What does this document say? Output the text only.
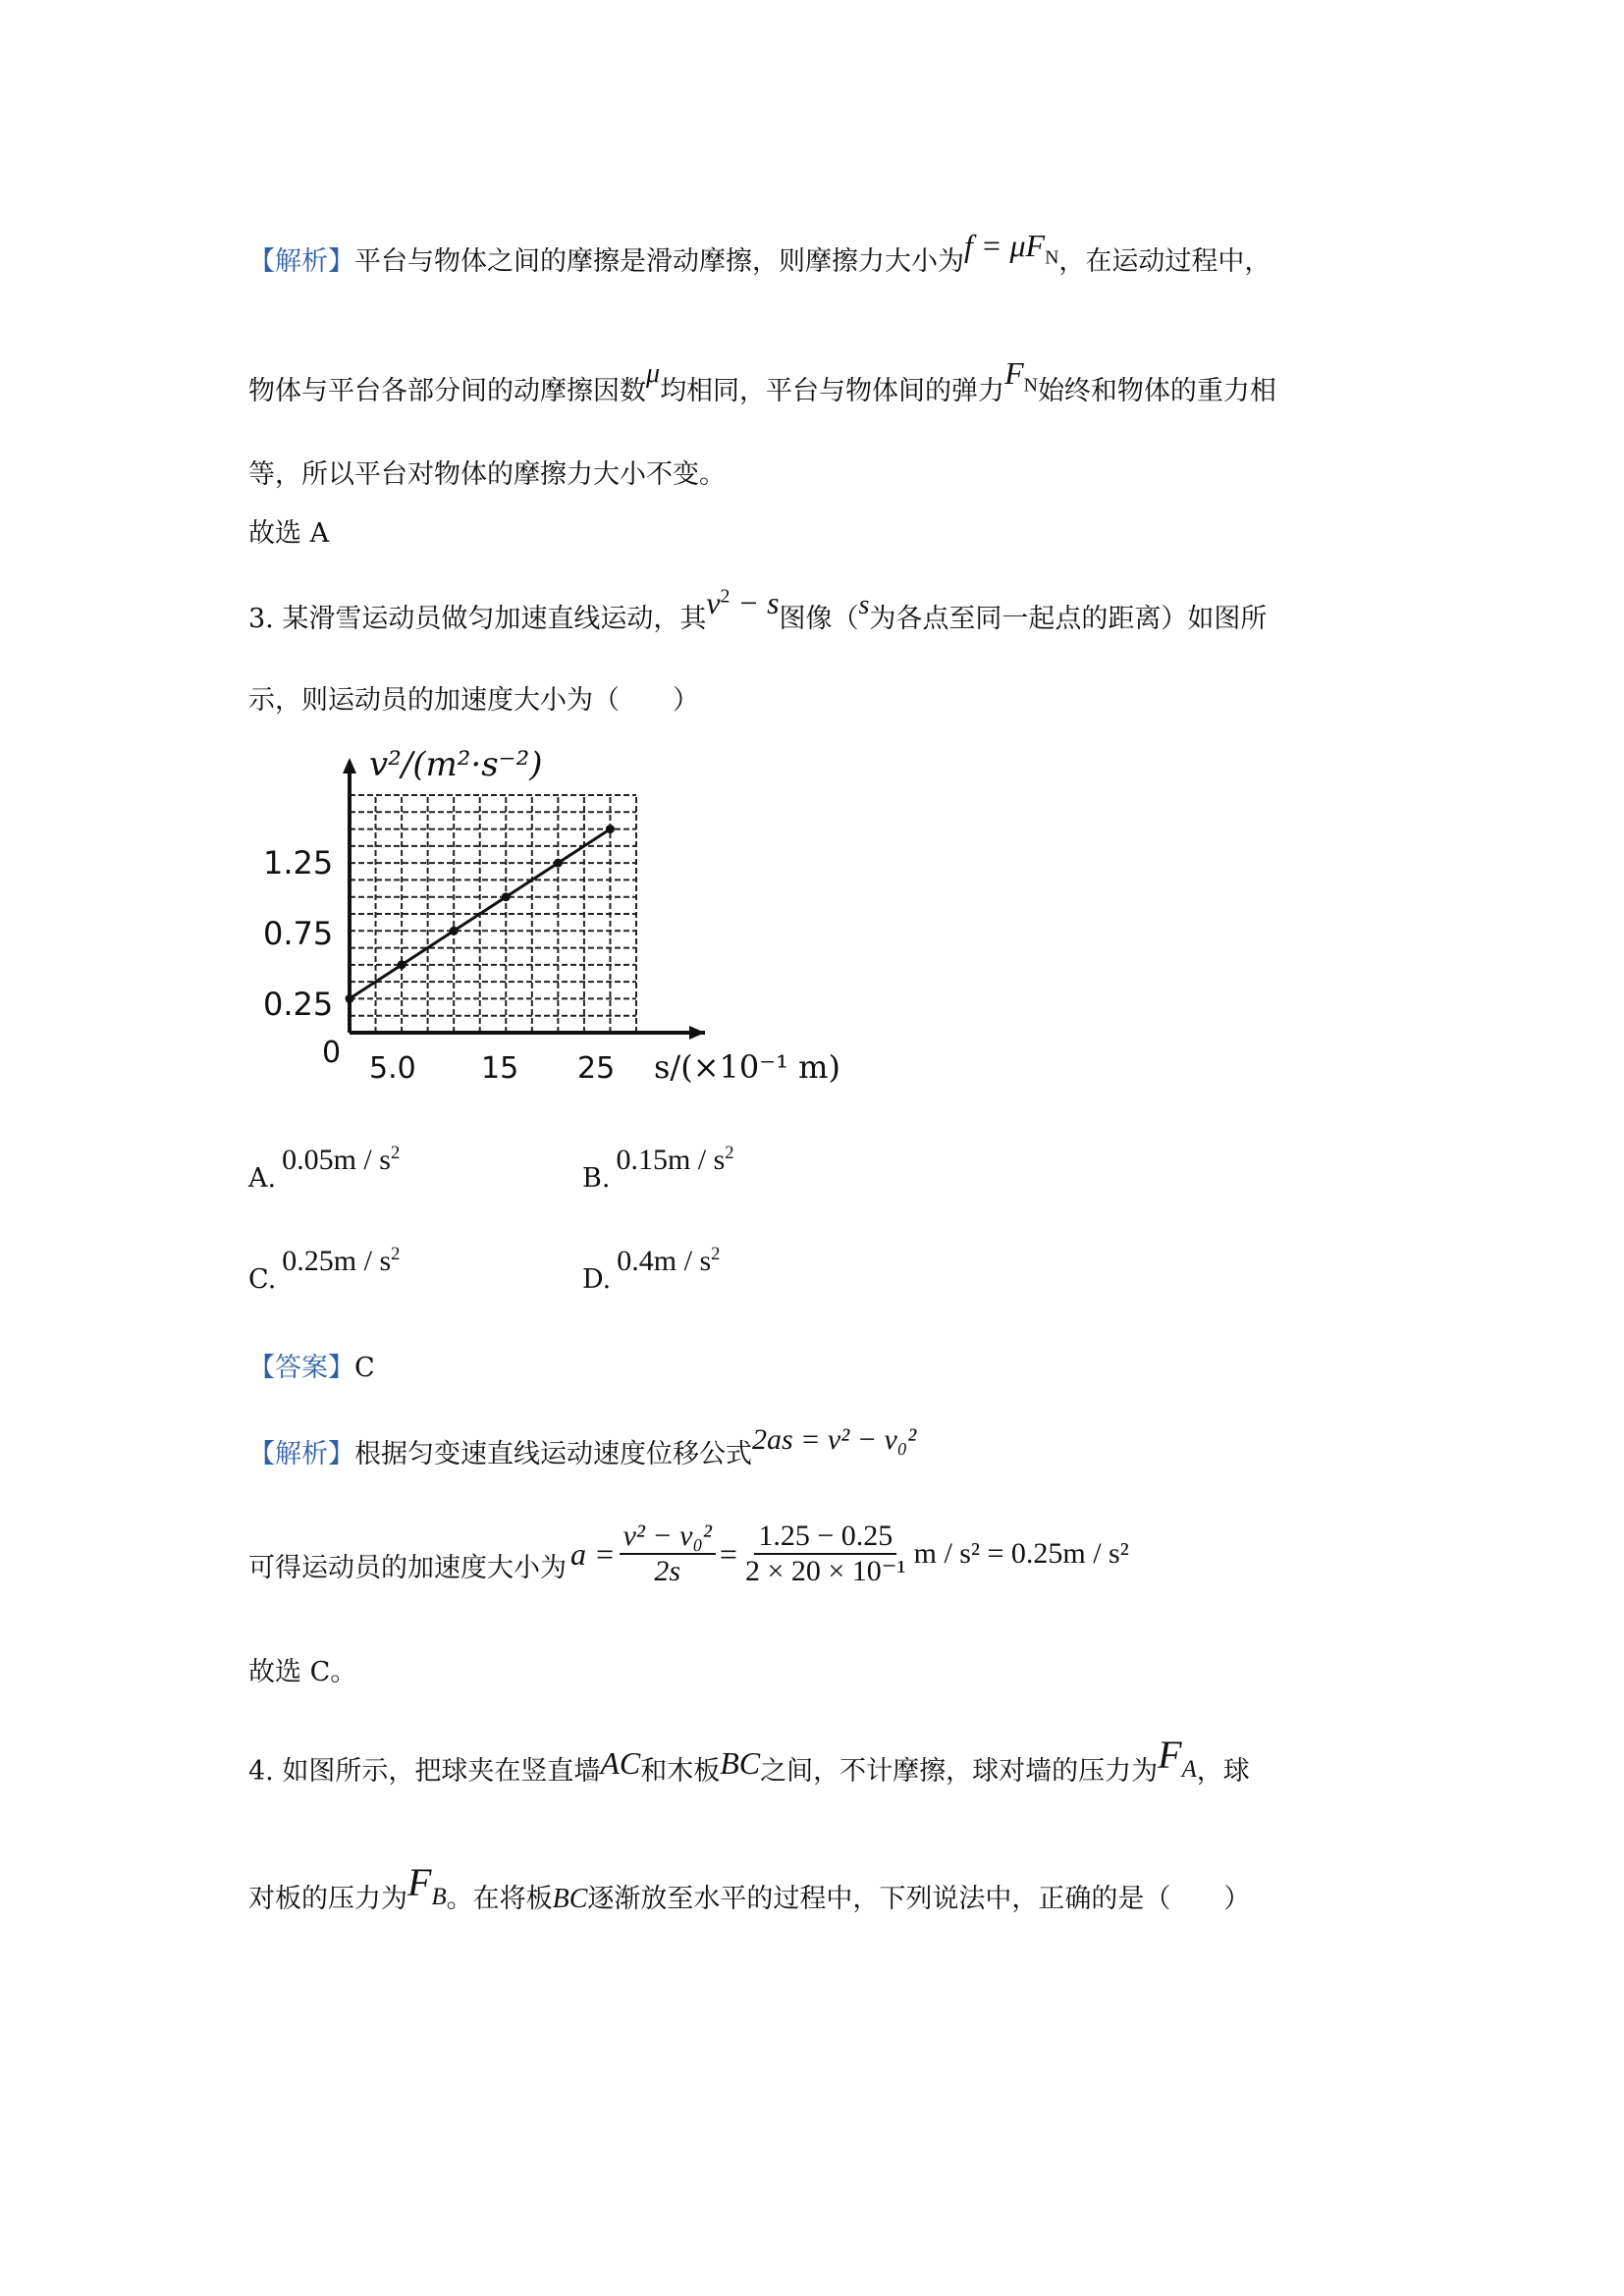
【解析】平台与物体之间的摩擦是滑动摩擦，则摩擦力大小为$f = \mu F_N$，在运动过程中，
物体与平台各部分间的动摩擦因数μ均相同，平台与物体间的弹力$F_N$始终和物体的重力相
等，所以平台对物体的摩擦力大小不变。
故选 A
3. 某滑雪运动员做匀加速直线运动，其$v^2 - s$图像（s为各点至同一起点的距离）如图所
示，则运动员的加速度大小为（　　）
v²/(m²·s⁻²)
s/(×10⁻¹ m)
0
0.25
0.75
1.25
5.0 15 25
$A.0.05m / s^2$
$B.0.15m / s^2$
$C.0.25m / s^2$
$D.0.4m / s^2$
【答案】C
【解析】根据匀变速直线运动速度位移公式2as = v² − v₀²
可得运动员的加速度大小为 $a = \frac{\text{v² − v₀²}}{2s} = \frac{1.25 - 0.25}{\text{2 × 20 × 10⁻¹}}$ m / s² = 0.25m / s²
故选 C。
4. 如图所示，把球夹在竖直墙AC和木板BC之间，不计摩擦，球对墙的压力为$F_A$，球
对板的压力为$F_B$。在将板BC逐渐放至水平的过程中，下列说法中，正确的是（　　）
